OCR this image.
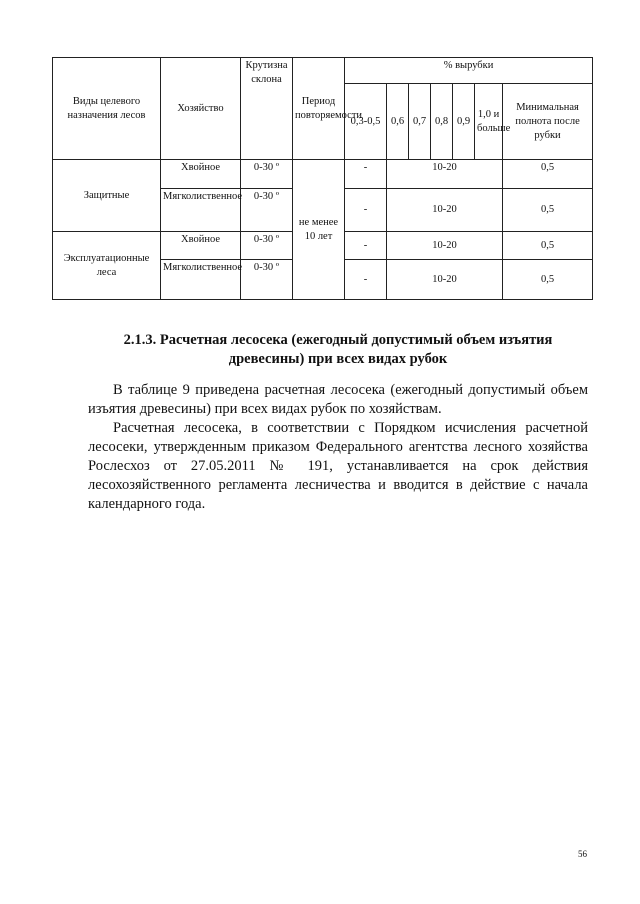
Виды целевого назначения лесов	Хозяйство	Крутизна склона	Период повторяемости	% вырубки						
				0,3-0,5	0,6	0,7	0,8	0,9	1,0 и больше	Минимальная полнота после рубки
Защитные	Хвойное	0-30 º	не менее 10 лет	-	10-20					0,5
	Мягколиственное	0-30 º		-	10-20					0,5
Эксплуатационные леса	Хвойное	0-30 º		-	10-20					0,5
	Мягколиственное	0-30 º		-	10-20					0,5
2.1.3. Расчетная лесосека (ежегодный допустимый объем изъятия древесины) при всех видах рубок
В таблице 9 приведена расчетная лесосека (ежегодный допустимый объем изъятия древесины) при всех видах рубок по хозяйствам.
Расчетная лесосека, в соответствии с Порядком исчисления расчетной лесосеки, утвержденным приказом Федерального агентства лесного хозяйства Рослесхоз от 27.05.2011 № 191, устанавливается на срок действия лесохозяйственного регламента лесничества и вводится в действие с начала календарного года.
56
